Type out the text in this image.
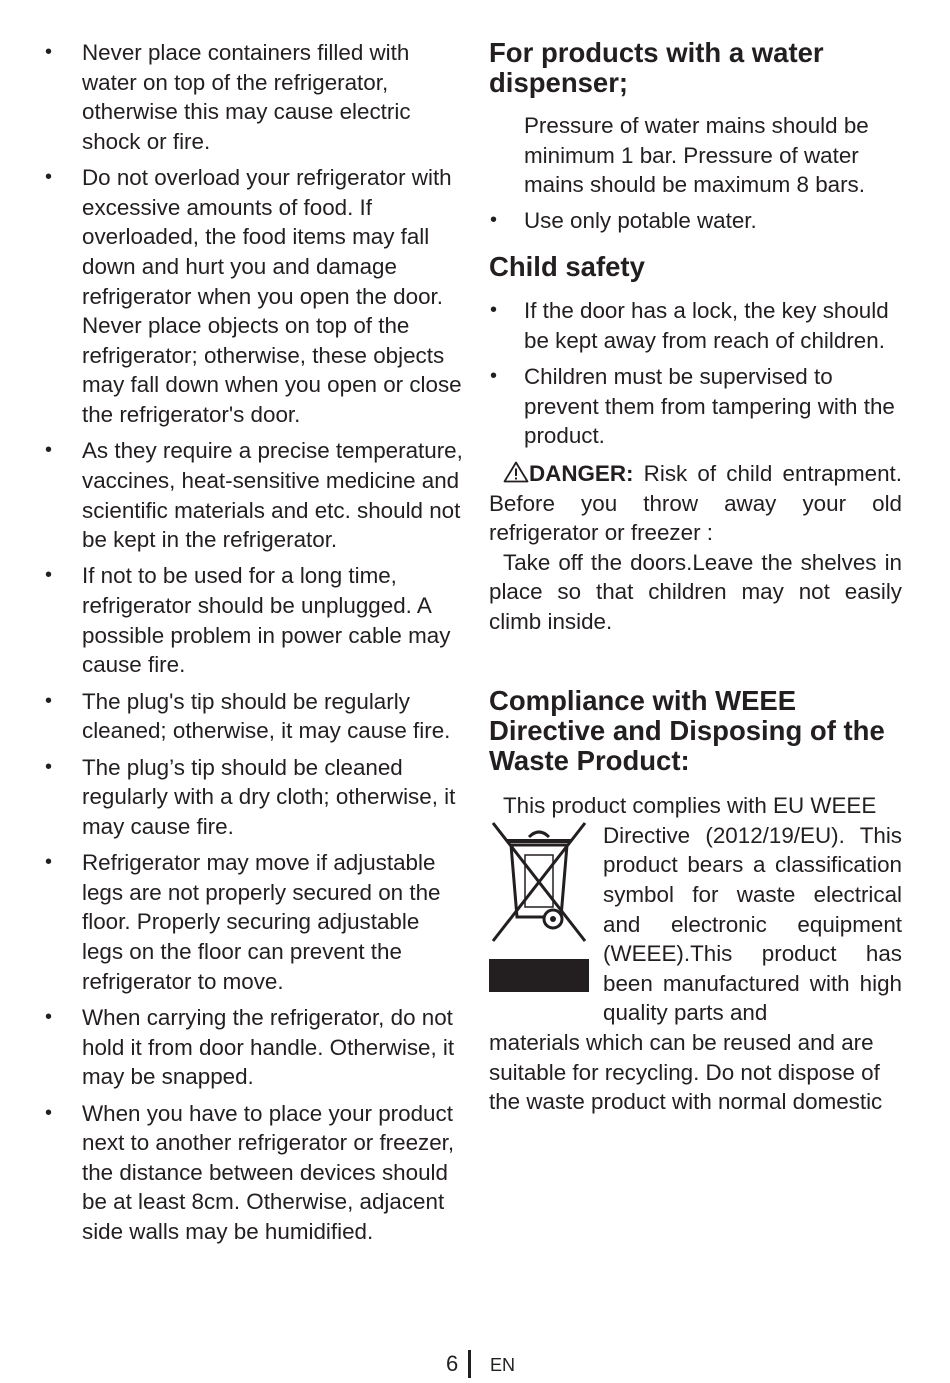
•	Never place containers filled with water on top of the refrigerator, otherwise this may cause electric shock or fire.
•	Do not overload your refrigerator with excessive amounts of food. If overloaded, the food items may fall down and hurt you and damage refrigerator when you open the door. Never place objects on top of the refrigerator; otherwise, these objects may fall down when you open or close the refrigerator's door.
•	As they require a precise temperature, vaccines, heat-sensitive medicine and scientific materials and etc. should not be kept in the refrigerator.
•	If not to be used for a long time, refrigerator should be unplugged. A possible problem in power cable may cause fire.
•	The plug's tip should be regularly cleaned; otherwise, it may cause fire.
•	The plug’s tip should be cleaned regularly with a dry cloth; otherwise, it may cause fire.
•	Refrigerator may move if adjustable legs are not properly secured on the floor. Properly securing adjustable legs on the floor can prevent the refrigerator to move.
•	When carrying the refrigerator, do not hold it from door handle. Otherwise, it may be snapped.
•	When you have to place your product next to another refrigerator or freezer, the distance between devices should be at least 8cm. Otherwise, adjacent side walls may be humidified.
For products with a water dispenser;

Pressure of water mains should be minimum 1 bar. Pressure of water mains should be maximum 8 bars.

•	Use only potable water.
Child safety
•	If the door has a lock, the key should be kept away from reach of children.
•	Children must be supervised to prevent them from tampering with the product.

DANGER: Risk of child entrapment. Before you throw away your old refrigerator or freezer :

Take off the doors.Leave the shelves in place so that children may not easily climb inside.

Compliance with WEEE Directive and Disposing of the Waste Product:

This product complies with EU WEEE

Directive (2012/19/EU). This product bears a classification symbol for waste electrical and electronic equipment (WEEE).This product has been manufactured with high quality parts and

materials which can be reused and are suitable for recycling. Do not dispose of the waste product with normal domestic

6 EN
